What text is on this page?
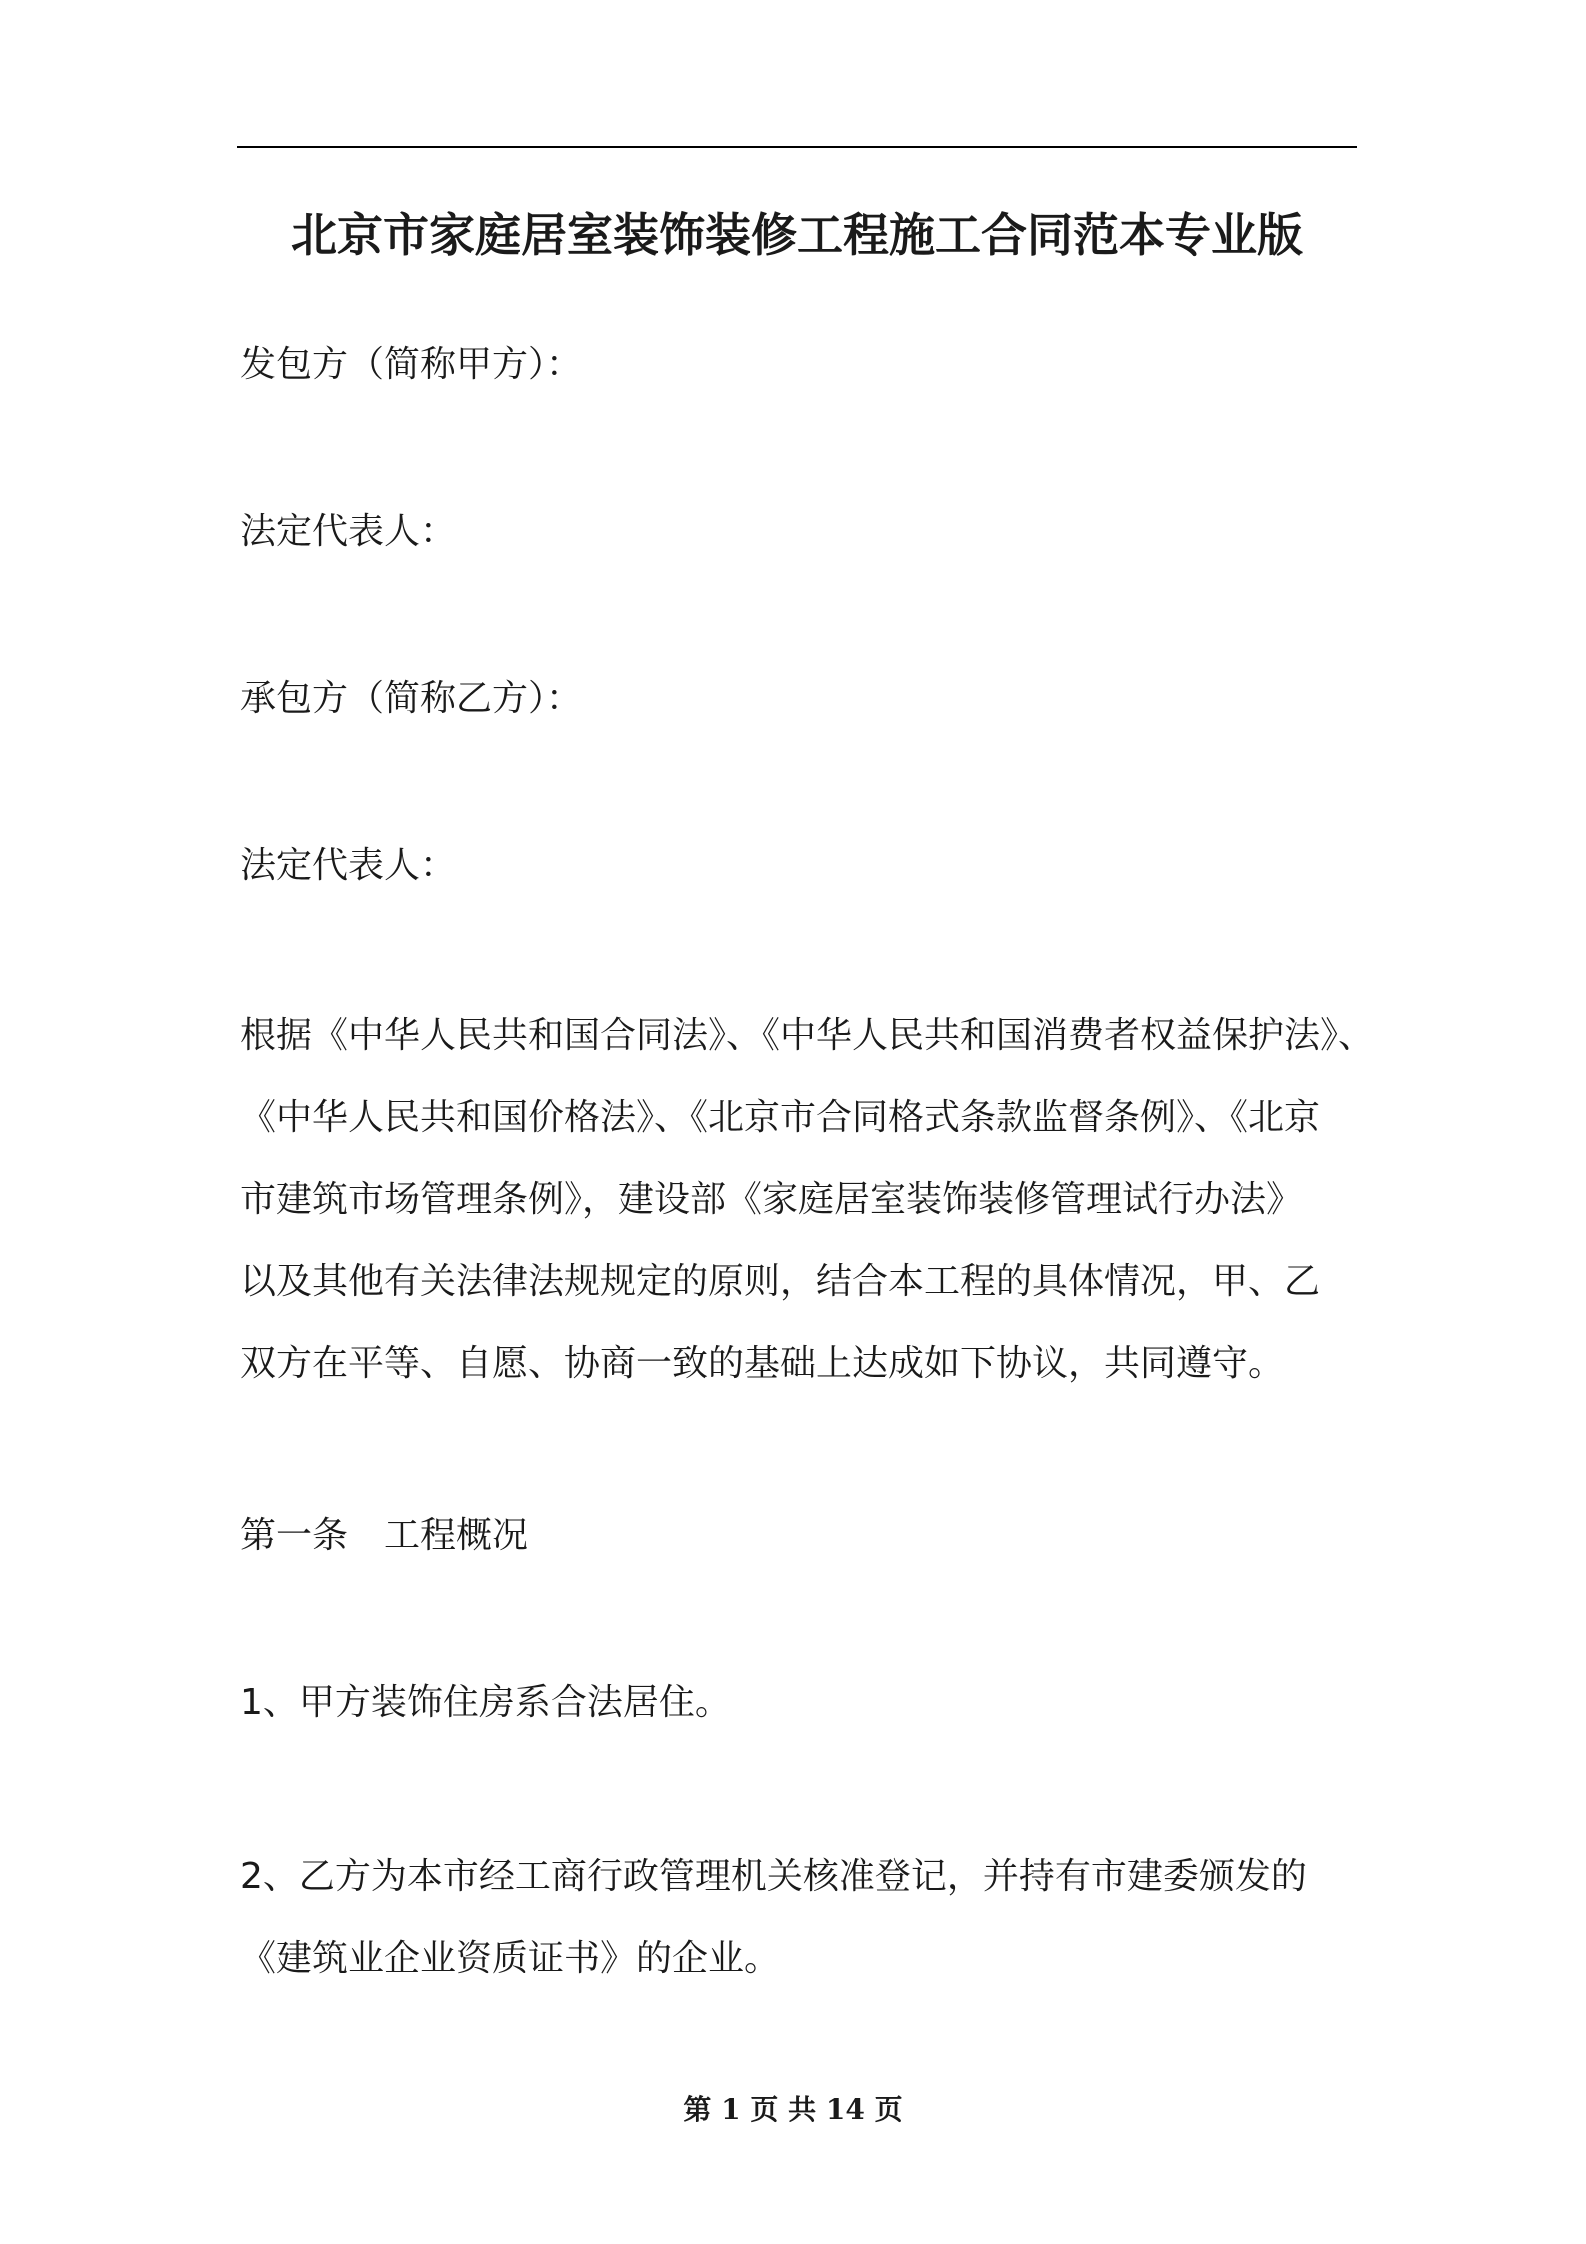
北京市家庭居室装饰装修工程施工合同范本专业版
发包方（简称甲方）：
法定代表人：
承包方（简称乙方）：
法定代表人：
根据《中华人民共和国合同法》、《中华人民共和国消费者权益保护法》、
《中华人民共和国价格法》、《北京市合同格式条款监督条例》、《北京
市建筑市场管理条例》，建设部《家庭居室装饰装修管理试行办法》
以及其他有关法律法规规定的原则，结合本工程的具体情况，甲、乙
双方在平等、自愿、协商一致的基础上达成如下协议，共同遵守。
第一条　工程概况
1、甲方装饰住房系合法居住。
2、乙方为本市经工商行政管理机关核准登记，并持有市建委颁发的
《建筑业企业资质证书》的企业。
第 1 页 共 14 页
